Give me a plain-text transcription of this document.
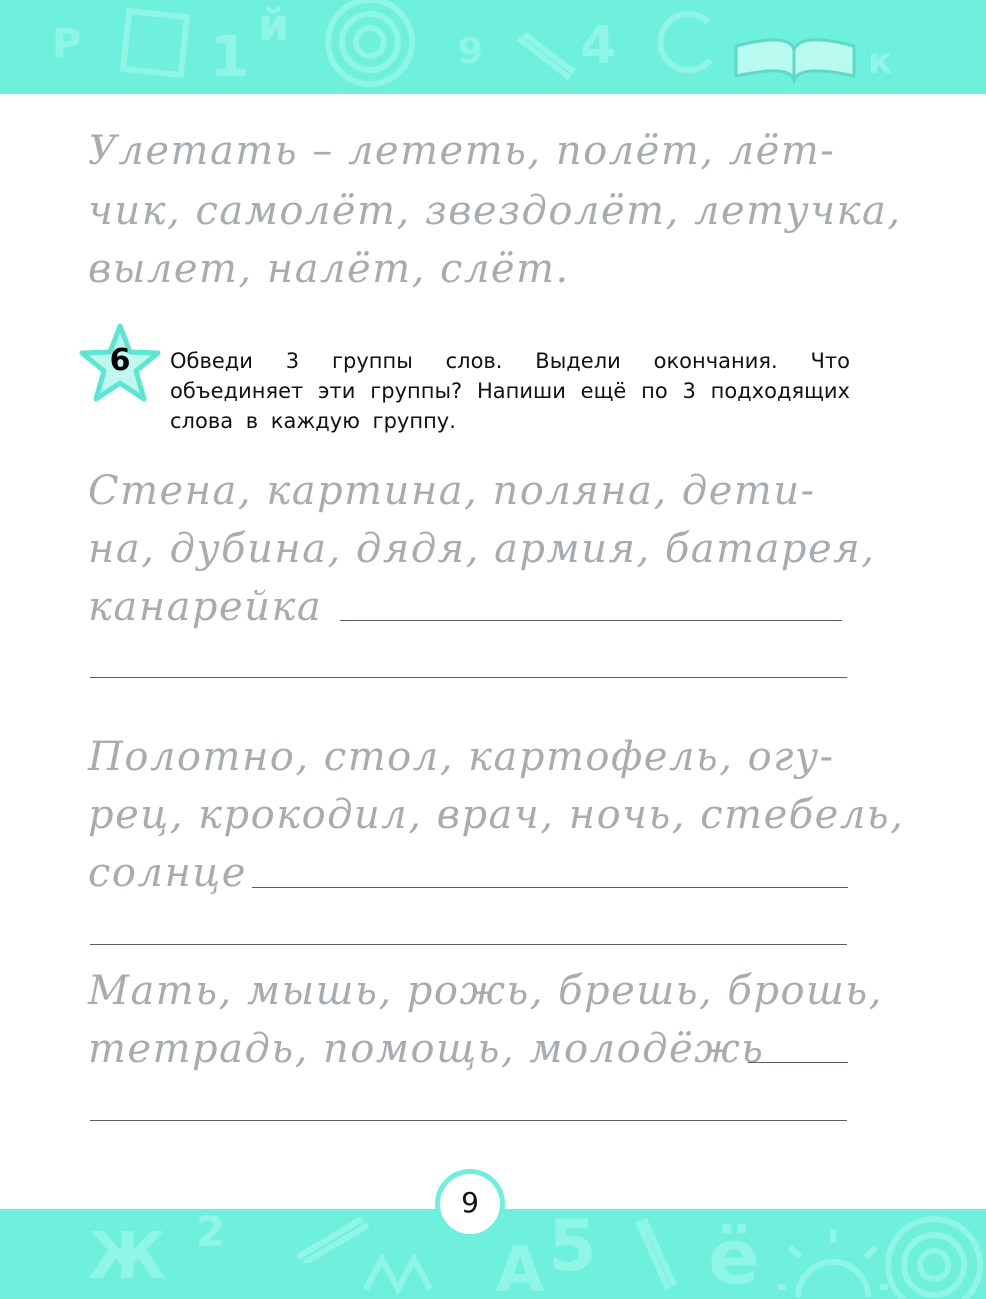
Р 1 й
9 4	к
Улетать – лететь, полёт, лёт-
чик, самолёт, звездолёт, летучка,
вылет, налёт, слёт.
6	Обведи 3 группы слов. Выдели окончания. Что объединяет эти группы? Напиши ещё по 3 подходящих слова в каждую группу.
Стена, картина, поляна, дети-
на, дубина, дядя, армия, батарея,
канарейка
Полотно, стол, картофель, огу-
рец, крокодил, врач, ночь, стебель,
солнце
Мать, мышь, рожь, брешь, брошь,
тетрадь, помощь, молодёжь
Ж 2
А 5 ё
9
